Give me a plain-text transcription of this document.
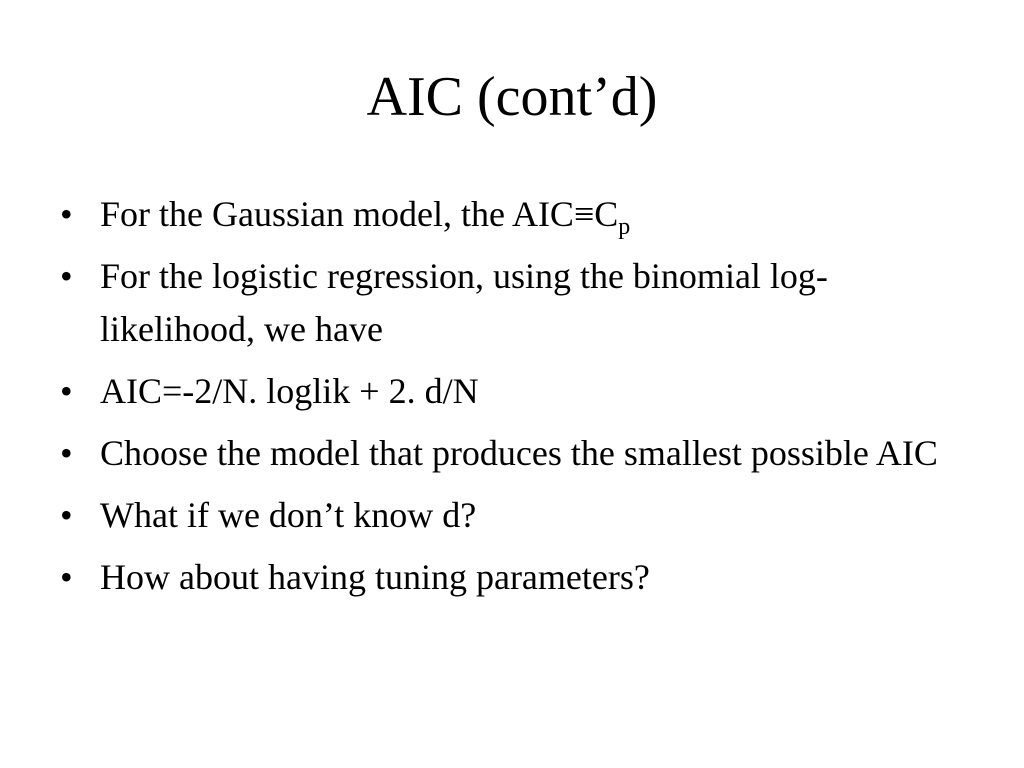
AIC (cont’d)
• For the Gaussian model, the $AIC\equiv C_p$
• For the logistic regression, using the binomial log-likelihood, we have
• AIC=-2/N. loglik + 2. d/N
• Choose the model that produces the smallest possible AIC
• What if we don’t know d?
• How about having tuning parameters?
